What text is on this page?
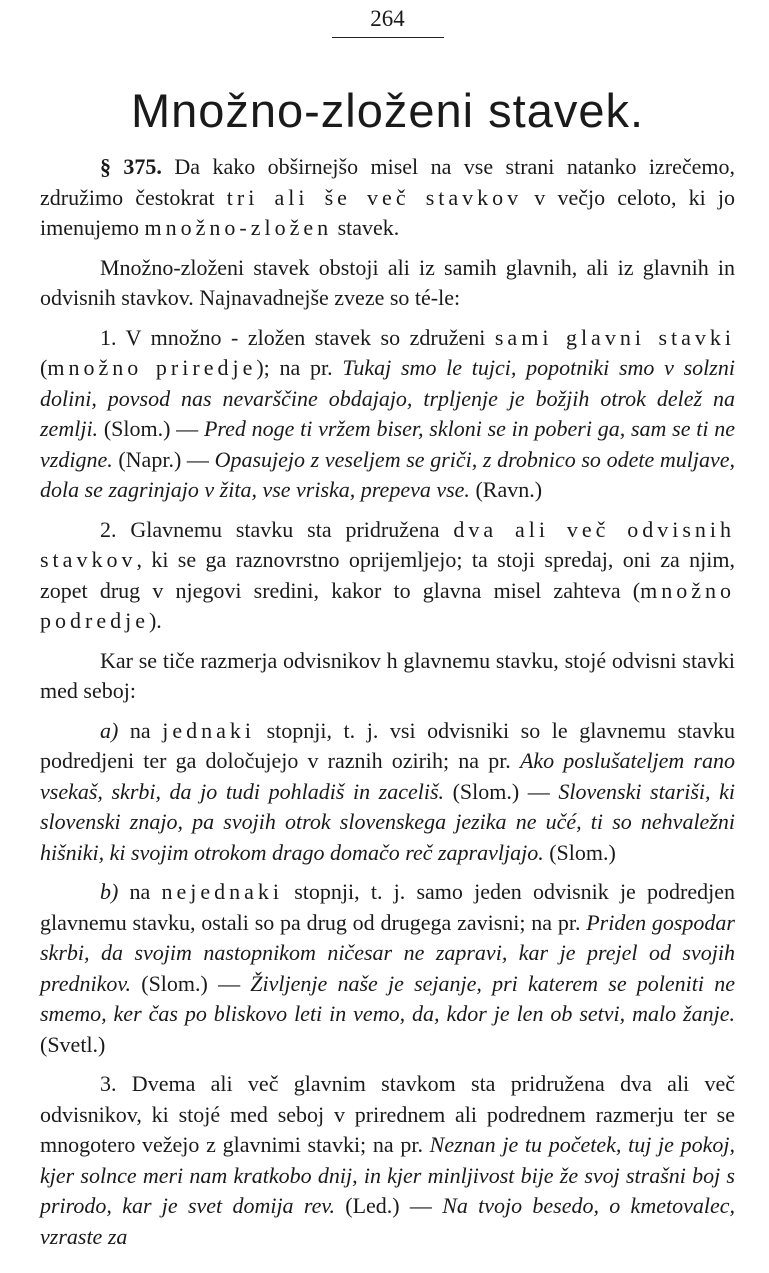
264
Množno-zloženi stavek.

§ 375. Da kako obširnejšo misel na vse strani natanko izrečemo, združimo čestokrat tri ali še več stavkov v večjo celoto, ki jo imenujemo množno-zložen stavek.

Množno-zloženi stavek obstoji ali iz samih glavnih, ali iz glavnih in odvisnih stavkov. Najnavadnejše zveze so té-le:

1. V množno - zložen stavek so združeni sami glavni stavki (množno priredje); na pr. Tukaj smo le tujci, popotniki smo v solzni dolini, povsod nas nevarščine obdajajo, trpljenje je božjih otrok delež na zemlji. (Slom.) — Pred noge ti vržem biser, skloni se in poberi ga, sam se ti ne vzdigne. (Napr.) — Opasujejo z veseljem se griči, z drobnico so odete muljave, dola se zagrinjajo v žita, vse vriska, prepeva vse. (Ravn.)

2. Glavnemu stavku sta pridružena dva ali več odvisnih stavkov, ki se ga raznovrstno oprijemljejo; ta stoji spredaj, oni za njim, zopet drug v njegovi sredini, kakor to glavna misel zahteva (množno podredje).

Kar se tiče razmerja odvisnikov h glavnemu stavku, stojé odvisni stavki med seboj:

a) na jednaki stopnji, t. j. vsi odvisniki so le glavnemu stavku podredjeni ter ga določujejo v raznih ozirih; na pr. Ako poslušateljem rano vsekaš, skrbi, da jo tudi pohladiš in zaceliš. (Slom.) — Slovenski stariši, ki slovenski znajo, pa svojih otrok slovenskega jezika ne učé, ti so nehvaležni hišniki, ki svojim otrokom drago domačo reč zapravljajo. (Slom.)

b) na nejednaki stopnji, t. j. samo jeden odvisnik je podredjen glavnemu stavku, ostali so pa drug od drugega zavisni; na pr. Priden gospodar skrbi, da svojim nastopnikom ničesar ne zapravi, kar je prejel od svojih prednikov. (Slom.) — Življenje naše je sejanje, pri katerem se poleniti ne smemo, ker čas po bliskovo leti in vemo, da, kdor je len ob setvi, malo žanje. (Svetl.)

3. Dvema ali več glavnim stavkom sta pridružena dva ali več odvisnikov, ki stojé med seboj v prirednem ali podrednem razmerju ter se mnogotero vežejo z glavnimi stavki; na pr. Neznan je tu početek, tuj je pokoj, kjer solnce meri nam kratkobo dnij, in kjer minljivost bije že svoj strašni boj s prirodo, kar je svet domija rev. (Led.) — Na tvojo besedo, o kmetovalec, vzraste za
